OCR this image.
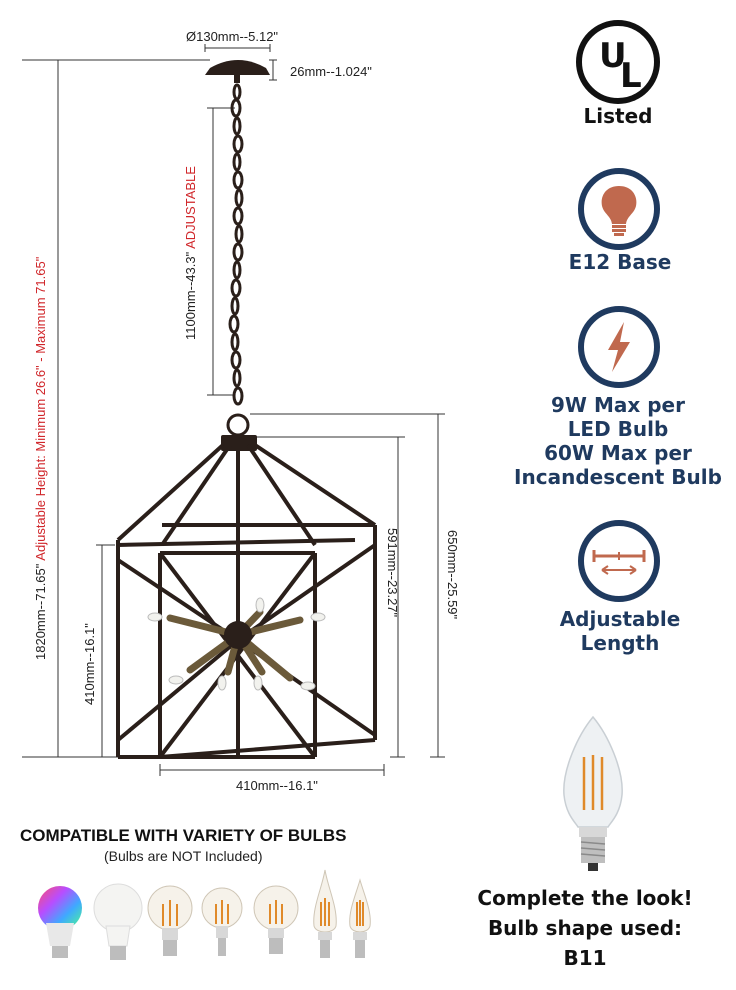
Ø130mm--5.12"
26mm--1.024"
1100mm--43.3" ADJUSTABLE
1820mm--71.65" Adjustable Height: Minimum 26.6" - Maximum 71.65"
410mm--16.1"
591mm--23.27"	650mm--25.59"
410mm--16.1"
U
L
Listed
E12 Base
9W Max per
LED Bulb
60W Max per
Incandescent Bulb
Adjustable
Length
Complete the look!
Bulb shape used:
B11
COMPATIBLE WITH VARIETY OF BULBS
(Bulbs are NOT Included)
